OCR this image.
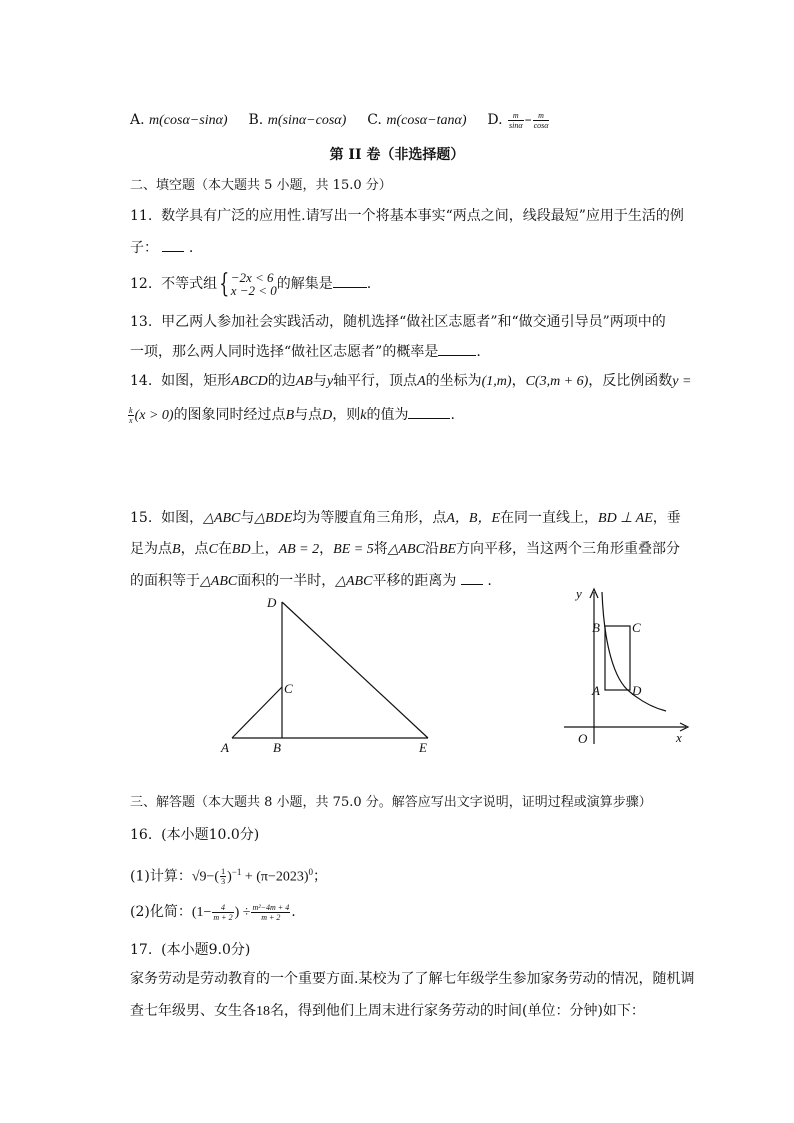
A. m(cosα−sinα) B. m(sinα−cosα) C. m(cosα−tanα) D. $\frac{m}{\sin\alpha} - \frac{m}{\cos\alpha}$
第 II 卷（非选择题）
二、填空题（本大题共 5 小题，共 15.0 分）
11. 数学具有广泛的应用性.请写出一个将基本事实“两点之间，线段最短”应用于生活的例
子： .
12. 不等式组{ −2x < 6
x −2 < 0 的解集是 .
13. 甲乙两人参加社会实践活动，随机选择“做社区志愿者”和“做交通引导员”两项中的
一项，那么两人同时选择“做社区志愿者”的概率是	.
14. 如图，矩形ABCD的边AB与y轴平行，顶点A的坐标为(1,m)，C(3,m + 6)，反比例函数y =
$\frac{k}{x} (x > 0)$的图象同时经过点B与点D，则k的值为	.
15. 如图，△ABC与△BDE均为等腰直角三角形，点A，B，E在同一直线上，BD ⊥ AE，垂
足为点B，点C在BD上，AB = 2，BE = 5将△ABC沿BE方向平移，当这两个三角形重叠部分
的面积等于△ABC面积的一半时，△ABC平移的距离为 .
D
C
A	B	E
y
x
O
B C
A D
三、解答题（本大题共 8 小题，共 75.0 分。解答应写出文字说明，证明过程或演算步骤）
16. (本小题10.0分)
(1)计算：$√9-( \frac{1}{3} )^{-1} + (\pi-2023)^0$；
(2)化简：($1- \frac{4}{m + 2}$ ) ÷ $\frac{\text{m²−4m + 4}}{m + 2}$ .
17. (本小题9.0分)
家务劳动是劳动教育的一个重要方面.某校为了了解七年级学生参加家务劳动的情况，随机调
查七年级男、女生各18名，得到他们上周末进行家务劳动的时间(单位：分钟)如下：
